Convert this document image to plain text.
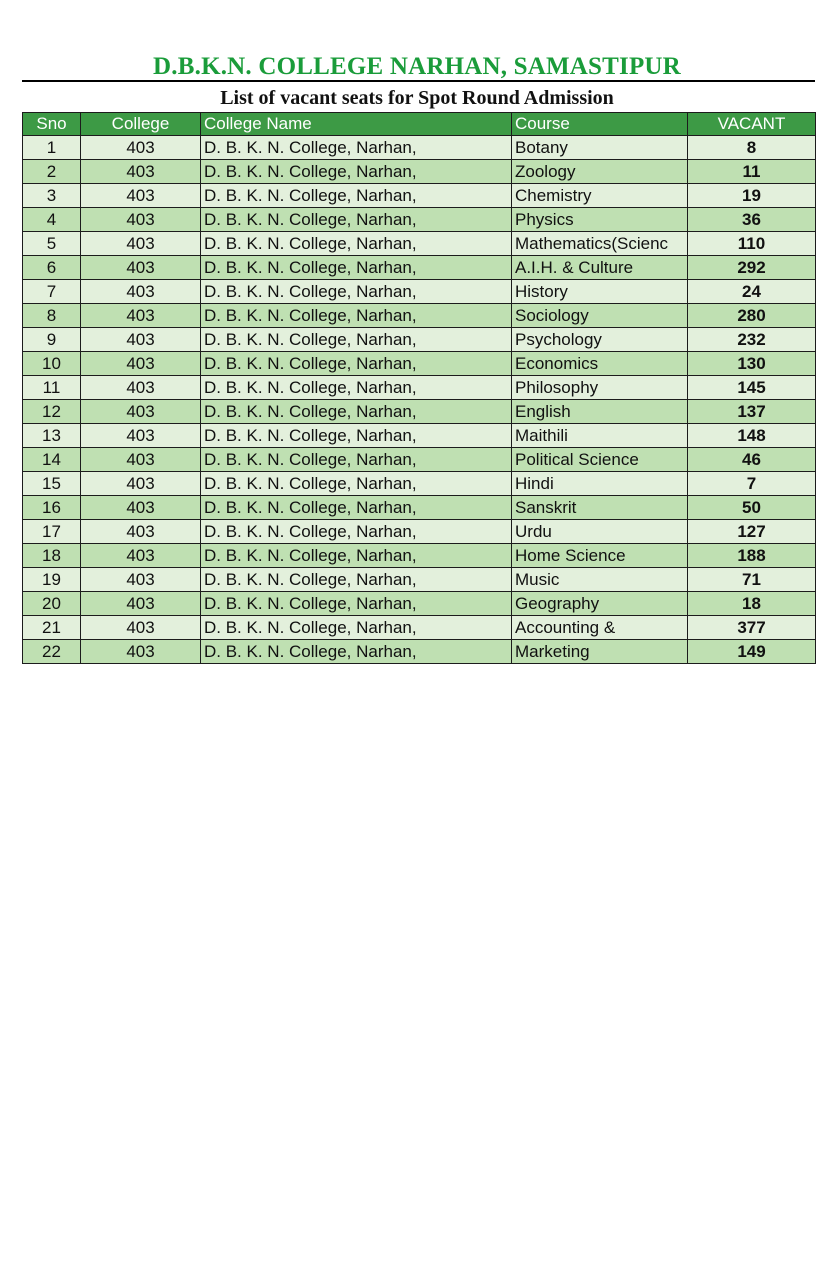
D.B.K.N. COLLEGE NARHAN, SAMASTIPUR
List of vacant seats for Spot Round Admission
Sno	College	College Name	Course	VACANT
1	403	D. B. K. N. College, Narhan,	Botany	8
2	403	D. B. K. N. College, Narhan,	Zoology	11
3	403	D. B. K. N. College, Narhan,	Chemistry	19
4	403	D. B. K. N. College, Narhan,	Physics	36
5	403	D. B. K. N. College, Narhan,	Mathematics(Scienc	110
6	403	D. B. K. N. College, Narhan,	A.I.H. & Culture	292
7	403	D. B. K. N. College, Narhan,	History	24
8	403	D. B. K. N. College, Narhan,	Sociology	280
9	403	D. B. K. N. College, Narhan,	Psychology	232
10	403	D. B. K. N. College, Narhan,	Economics	130
11	403	D. B. K. N. College, Narhan,	Philosophy	145
12	403	D. B. K. N. College, Narhan,	English	137
13	403	D. B. K. N. College, Narhan,	Maithili	148
14	403	D. B. K. N. College, Narhan,	Political Science	46
15	403	D. B. K. N. College, Narhan,	Hindi	7
16	403	D. B. K. N. College, Narhan,	Sanskrit	50
17	403	D. B. K. N. College, Narhan,	Urdu	127
18	403	D. B. K. N. College, Narhan,	Home Science	188
19	403	D. B. K. N. College, Narhan,	Music	71
20	403	D. B. K. N. College, Narhan,	Geography	18
21	403	D. B. K. N. College, Narhan,	Accounting &	377
22	403	D. B. K. N. College, Narhan,	Marketing	149
